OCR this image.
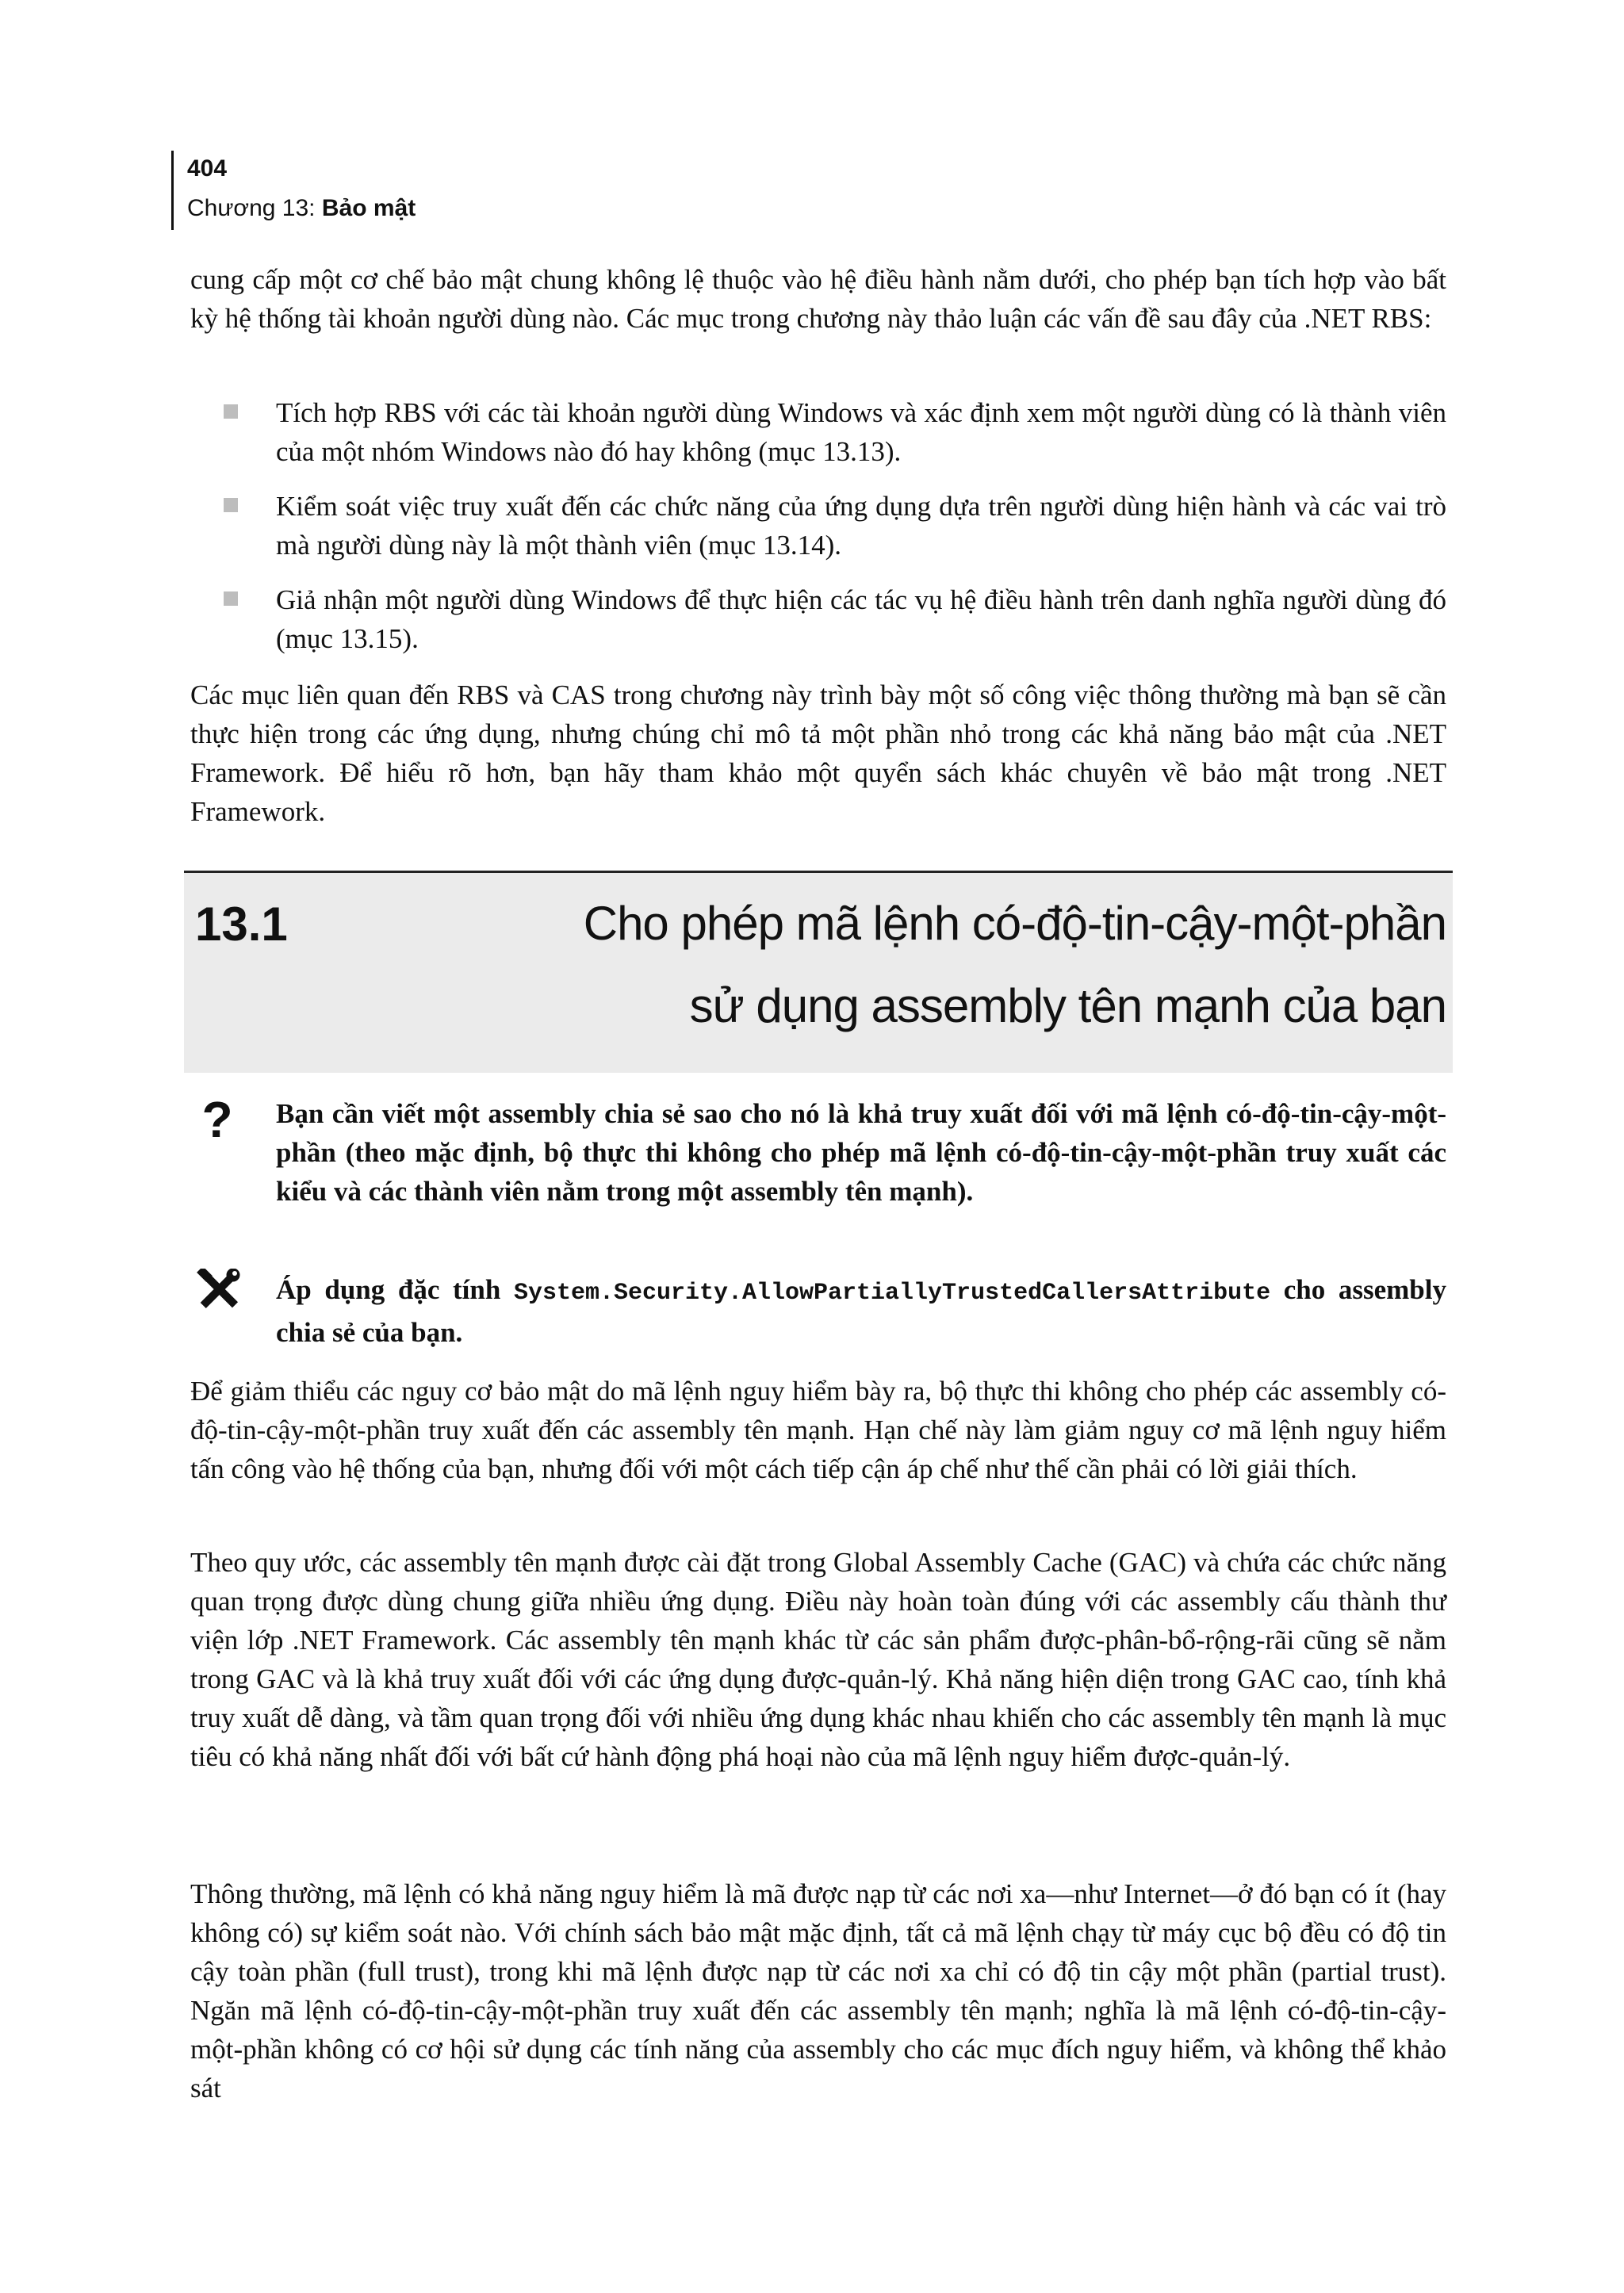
404
Chương 13: Bảo mật
cung cấp một cơ chế bảo mật chung không lệ thuộc vào hệ điều hành nằm dưới, cho phép bạn tích hợp vào bất kỳ hệ thống tài khoản người dùng nào. Các mục trong chương này thảo luận các vấn đề sau đây của .NET RBS:
Tích hợp RBS với các tài khoản người dùng Windows và xác định xem một người dùng có là thành viên của một nhóm Windows nào đó hay không (mục 13.13).
Kiểm soát việc truy xuất đến các chức năng của ứng dụng dựa trên người dùng hiện hành và các vai trò mà người dùng này là một thành viên (mục 13.14).
Giả nhận một người dùng Windows để thực hiện các tác vụ hệ điều hành trên danh nghĩa người dùng đó (mục 13.15).
Các mục liên quan đến RBS và CAS trong chương này trình bày một số công việc thông thường mà bạn sẽ cần thực hiện trong các ứng dụng, nhưng chúng chỉ mô tả một phần nhỏ trong các khả năng bảo mật của .NET Framework. Để hiểu rõ hơn, bạn hãy tham khảo một quyển sách khác chuyên về bảo mật trong .NET Framework.
13.1	Cho phép mã lệnh có-độ-tin-cậy-một-phần
sử dụng assembly tên mạnh của bạn
? Bạn cần viết một assembly chia sẻ sao cho nó là khả truy xuất đối với mã lệnh có-độ-tin-cậy-một-phần (theo mặc định, bộ thực thi không cho phép mã lệnh có-độ-tin-cậy-một-phần truy xuất các kiểu và các thành viên nằm trong một assembly tên mạnh).
Áp dụng đặc tính System.Security.AllowPartiallyTrustedCallersAttribute cho assembly chia sẻ của bạn.
Để giảm thiểu các nguy cơ bảo mật do mã lệnh nguy hiểm bày ra, bộ thực thi không cho phép các assembly có-độ-tin-cậy-một-phần truy xuất đến các assembly tên mạnh. Hạn chế này làm giảm nguy cơ mã lệnh nguy hiểm tấn công vào hệ thống của bạn, nhưng đối với một cách tiếp cận áp chế như thế cần phải có lời giải thích.
Theo quy ước, các assembly tên mạnh được cài đặt trong Global Assembly Cache (GAC) và chứa các chức năng quan trọng được dùng chung giữa nhiều ứng dụng. Điều này hoàn toàn đúng với các assembly cấu thành thư viện lớp .NET Framework. Các assembly tên mạnh khác từ các sản phẩm được-phân-bổ-rộng-rãi cũng sẽ nằm trong GAC và là khả truy xuất đối với các ứng dụng được-quản-lý. Khả năng hiện diện trong GAC cao, tính khả truy xuất dễ dàng, và tầm quan trọng đối với nhiều ứng dụng khác nhau khiến cho các assembly tên mạnh là mục tiêu có khả năng nhất đối với bất cứ hành động phá hoại nào của mã lệnh nguy hiểm được-quản-lý.
Thông thường, mã lệnh có khả năng nguy hiểm là mã được nạp từ các nơi xa—như Internet—ở đó bạn có ít (hay không có) sự kiểm soát nào. Với chính sách bảo mật mặc định, tất cả mã lệnh chạy từ máy cục bộ đều có độ tin cậy toàn phần (full trust), trong khi mã lệnh được nạp từ các nơi xa chỉ có độ tin cậy một phần (partial trust). Ngăn mã lệnh có-độ-tin-cậy-một-phần truy xuất đến các assembly tên mạnh; nghĩa là mã lệnh có-độ-tin-cậy-một-phần không có cơ hội sử dụng các tính năng của assembly cho các mục đích nguy hiểm, và không thể khảo sát
